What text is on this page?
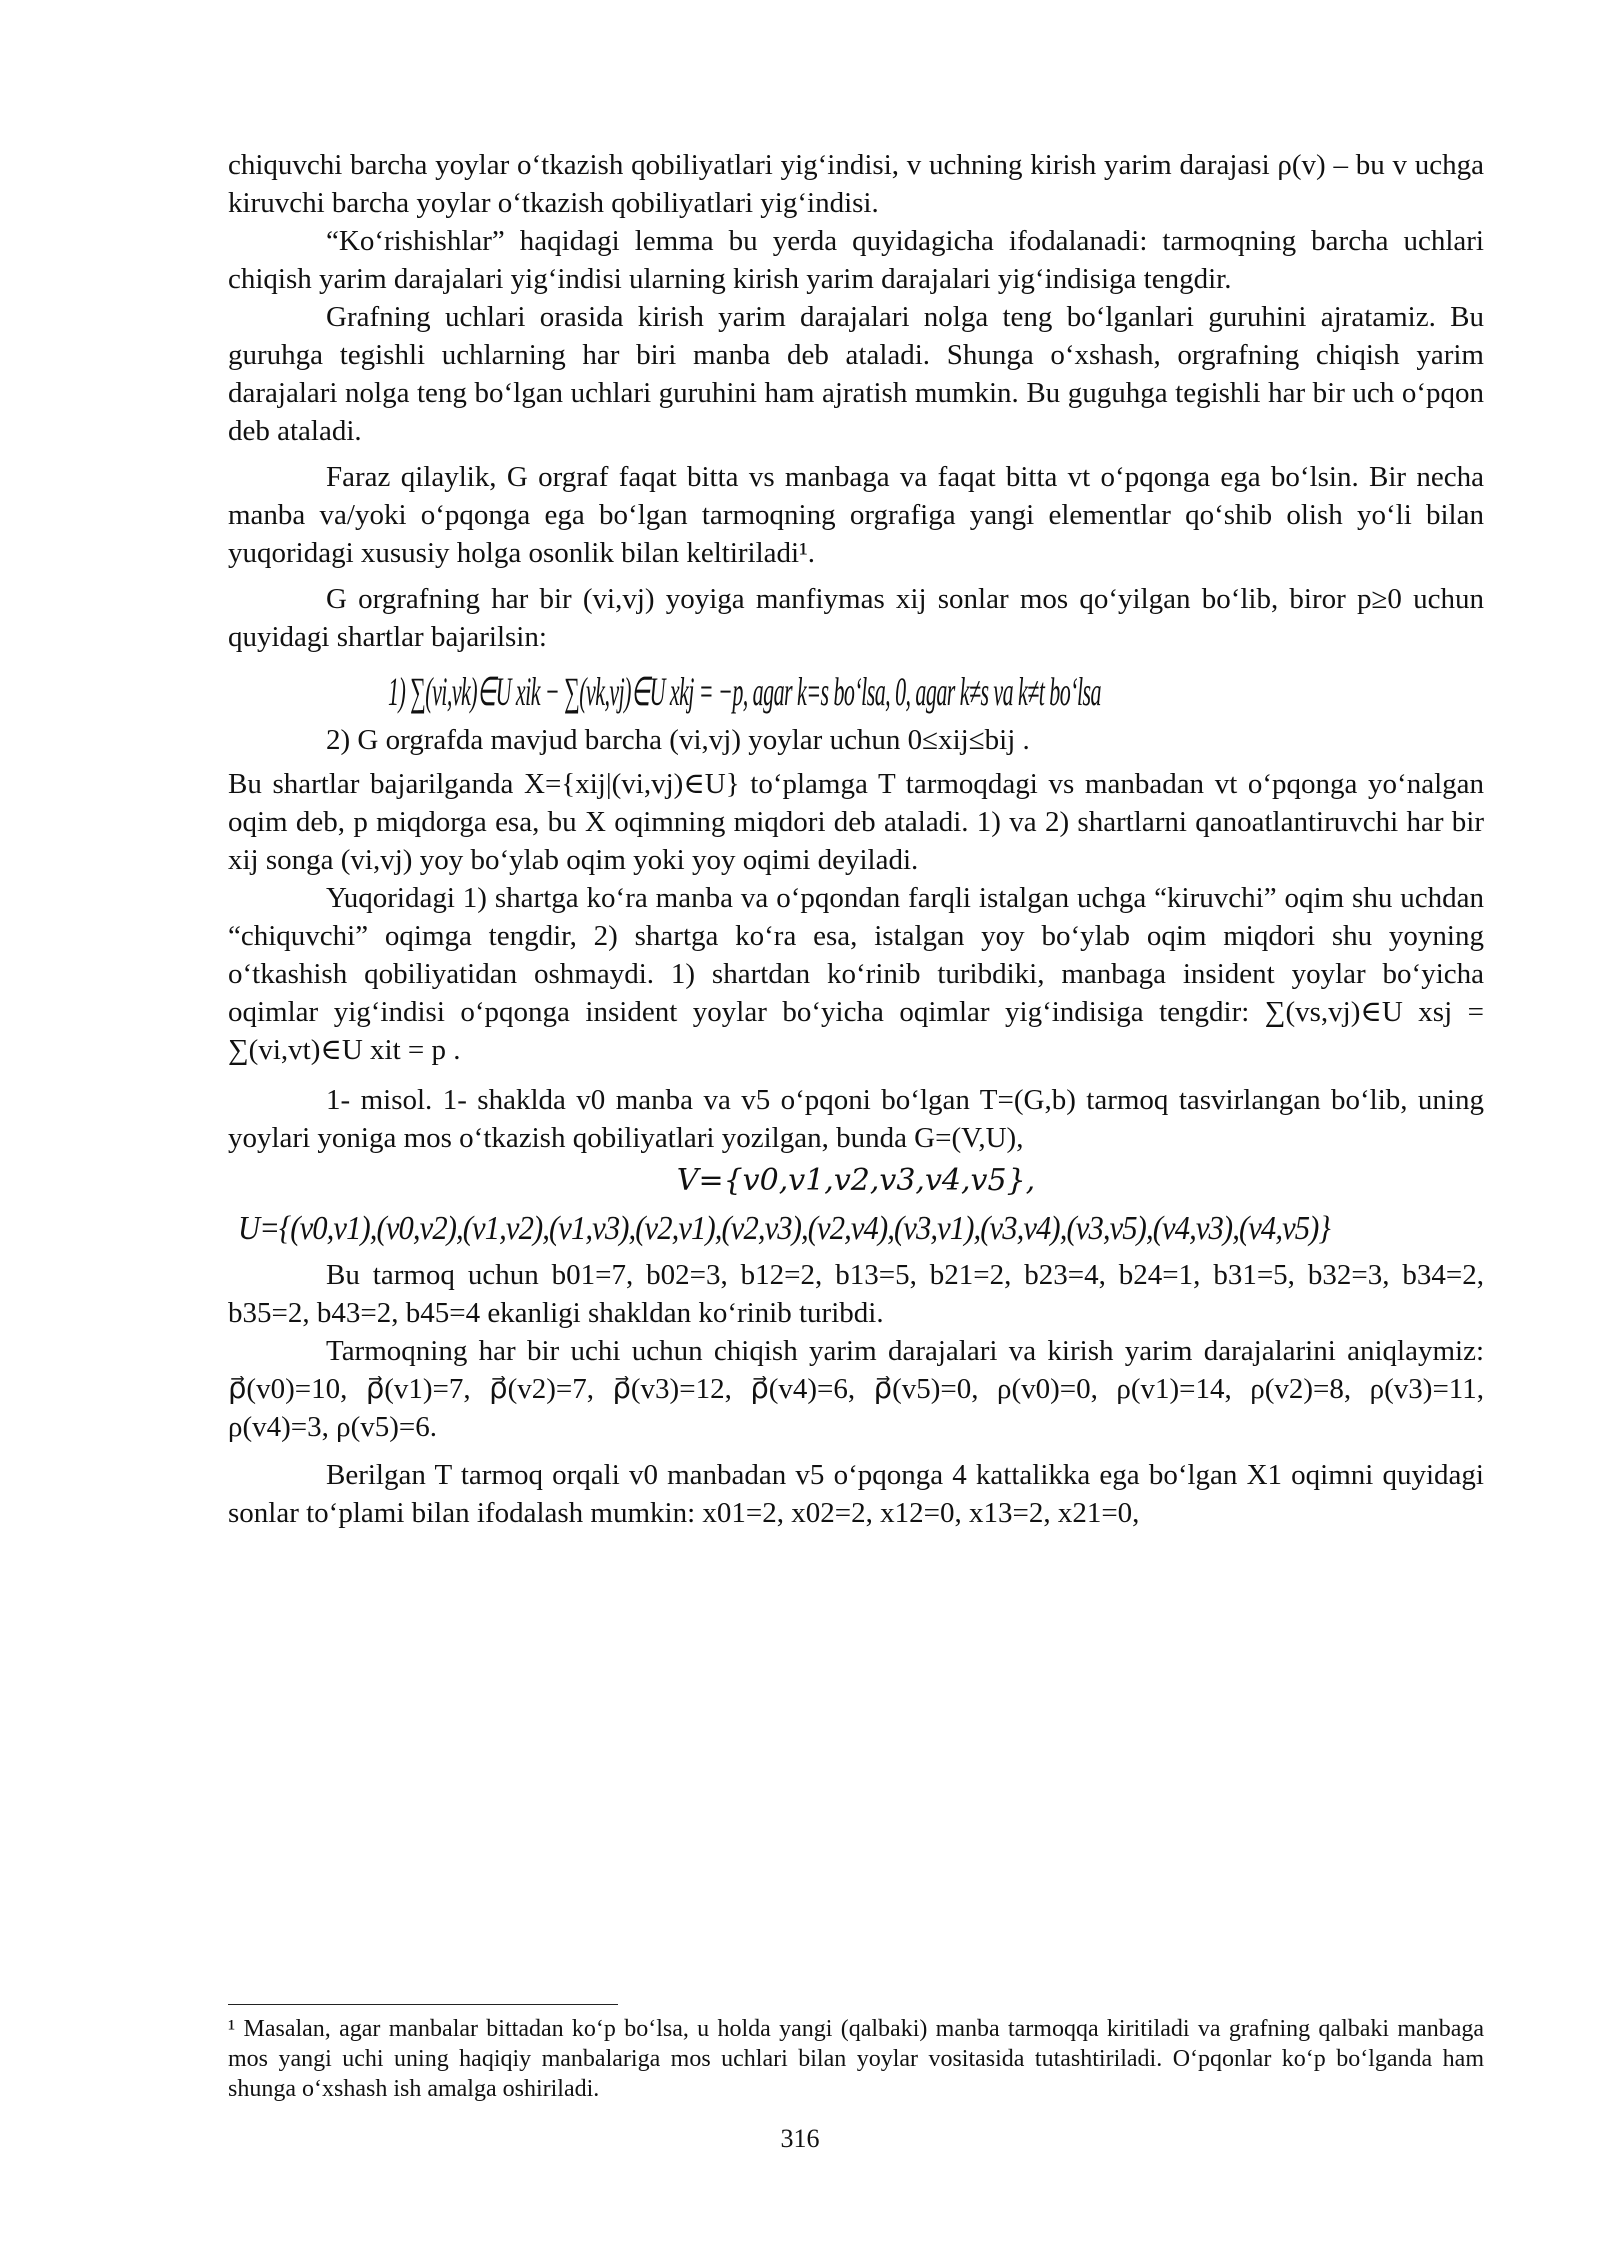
chiquvchi barcha yoylar o‘tkazish qobiliyatlari yig‘indisi, v uchning kirish yarim darajasi ρ(v) – bu v uchga kiruvchi barcha yoylar o‘tkazish qobiliyatlari yig‘indisi.

“Ko‘rishishlar” haqidagi lemma bu yerda quyidagicha ifodalanadi: tarmoqning barcha uchlari chiqish yarim darajalari yig‘indisi ularning kirish yarim darajalari yig‘indisiga tengdir.

Grafning uchlari orasida kirish yarim darajalari nolga teng bo‘lganlari guruhini ajratamiz. Bu guruhga tegishli uchlarning har biri manba deb ataladi. Shunga o‘xshash, orgrafning chiqish yarim darajalari nolga teng bo‘lgan uchlari guruhini ham ajratish mumkin. Bu guguhga tegishli har bir uch o‘pqon deb ataladi.

Faraz qilaylik, G orgraf faqat bitta vs manbaga va faqat bitta vt o‘pqonga ega bo‘lsin. Bir necha manba va/yoki o‘pqonga ega bo‘lgan tarmoqning orgrafiga yangi elementlar qo‘shib olish yo‘li bilan yuqoridagi xususiy holga osonlik bilan keltiriladi¹.

G orgrafning har bir (vi,vj) yoyiga manfiymas xij sonlar mos qo‘yilgan bo‘lib, biror p≥0 uchun quyidagi shartlar bajarilsin:

1) ∑(vi,vk)∈U xik − ∑(vk,vj)∈U xkj = −p, agar k=s bo‘lsa, 0, agar k≠s va k≠t bo‘lsa

2) G orgrafda mavjud barcha (vi,vj) yoylar uchun 0≤xij≤bij .

Bu shartlar bajarilganda X={xij|(vi,vj)∈U} to‘plamga T tarmoqdagi vs manbadan vt o‘pqonga yo‘nalgan oqim deb, p miqdorga esa, bu X oqimning miqdori deb ataladi. 1) va 2) shartlarni qanoatlantiruvchi har bir xij songa (vi,vj) yoy bo‘ylab oqim yoki yoy oqimi deyiladi.

Yuqoridagi 1) shartga ko‘ra manba va o‘pqondan farqli istalgan uchga “kiruvchi” oqim shu uchdan “chiquvchi” oqimga tengdir, 2) shartga ko‘ra esa, istalgan yoy bo‘ylab oqim miqdori shu yoyning o‘tkashish qobiliyatidan oshmaydi. 1) shartdan ko‘rinib turibdiki, manbaga insident yoylar bo‘yicha oqimlar yig‘indisi o‘pqonga insident yoylar bo‘yicha oqimlar yig‘indisiga tengdir: ∑(vs,vj)∈U xsj = ∑(vi,vt)∈U xit = p .

1- misol. 1- shaklda v0 manba va v5 o‘pqoni bo‘lgan T=(G,b) tarmoq tasvirlangan bo‘lib, uning yoylari yoniga mos o‘tkazish qobiliyatlari yozilgan, bunda G=(V,U),

V={v0,v1,v2,v3,v4,v5},
U={(v0,v1),(v0,v2),(v1,v2),(v1,v3),(v2,v1),(v2,v3),(v2,v4),(v3,v1),(v3,v4),(v3,v5),(v4,v3),(v4,v5)}

Bu tarmoq uchun b01=7, b02=3, b12=2, b13=5, b21=2, b23=4, b24=1, b31=5, b32=3, b34=2, b35=2, b43=2, b45=4 ekanligi shakldan ko‘rinib turibdi.

Tarmoqning har bir uchi uchun chiqish yarim darajalari va kirish yarim darajalarini aniqlaymiz: ρ⃗(v0)=10, ρ⃗(v1)=7, ρ⃗(v2)=7, ρ⃗(v3)=12, ρ⃗(v4)=6, ρ⃗(v5)=0, ρ(v0)=0, ρ(v1)=14, ρ(v2)=8, ρ(v3)=11, ρ(v4)=3, ρ(v5)=6.

Berilgan T tarmoq orqali v0 manbadan v5 o‘pqonga 4 kattalikka ega bo‘lgan X1 oqimni quyidagi sonlar to‘plami bilan ifodalash mumkin: x01=2, x02=2, x12=0, x13=2, x21=0,

¹ Masalan, agar manbalar bittadan ko‘p bo‘lsa, u holda yangi (qalbaki) manba tarmoqqa kiritiladi va grafning qalbaki manbaga mos yangi uchi uning haqiqiy manbalariga mos uchlari bilan yoylar vositasida tutashtiriladi. O‘pqonlar ko‘p bo‘lganda ham shunga o‘xshash ish amalga oshiriladi.
316
